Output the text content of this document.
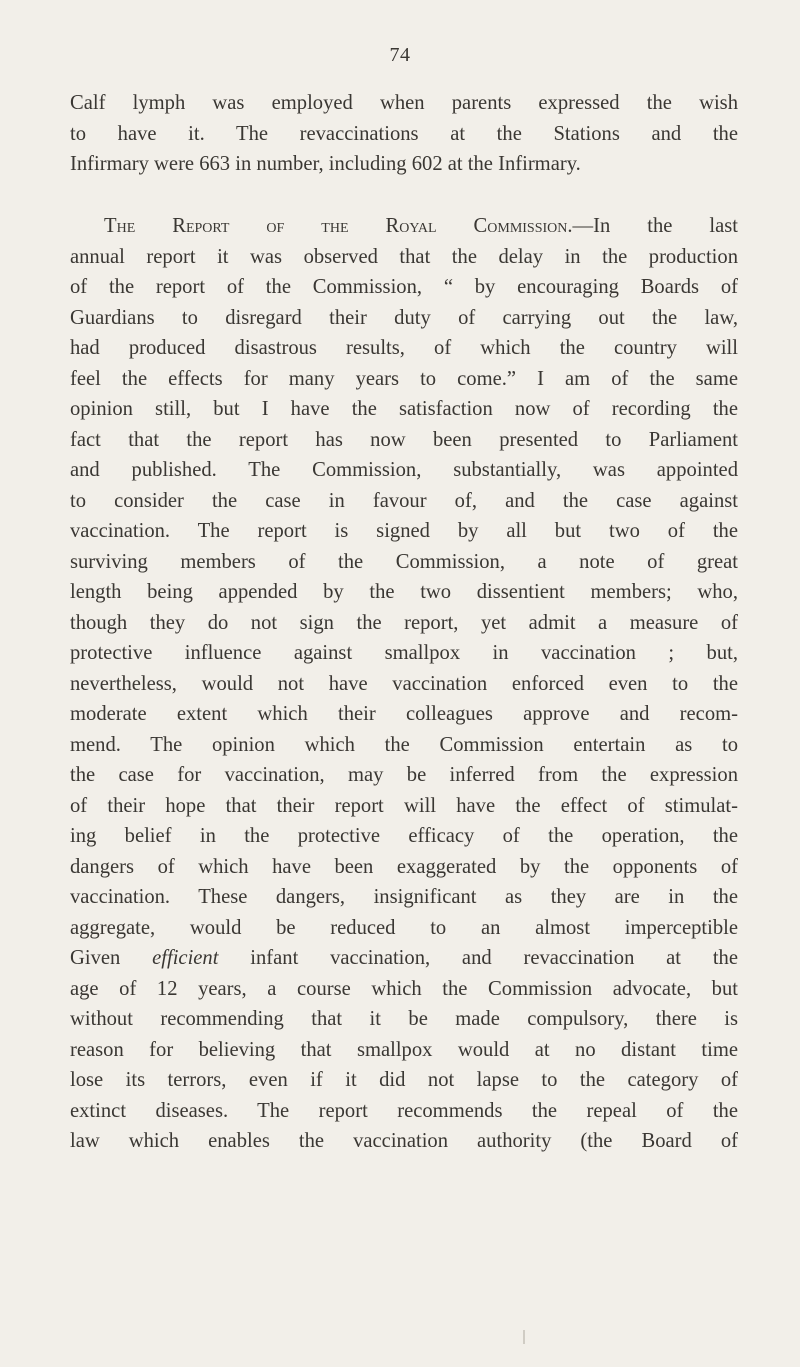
74
Calf lymph was employed when parents expressed the wish
to have it. The revaccinations at the Stations and the
Infirmary were 663 in number, including 602 at the Infirmary.
The Report of the Royal Commission.—In the last
annual report it was observed that the delay in the production
of the report of the Commission, “ by encouraging Boards of
Guardians to disregard their duty of carrying out the law,
had produced disastrous results, of which the country will
feel the effects for many years to come.” I am of the same
opinion still, but I have the satisfaction now of recording the
fact that the report has now been presented to Parliament
and published. The Commission, substantially, was appointed
to consider the case in favour of, and the case against
vaccination. The report is signed by all but two of the
surviving members of the Commission, a note of great
length being appended by the two dissentient members; who,
though they do not sign the report, yet admit a measure of
protective influence against smallpox in vaccination ; but,
nevertheless, would not have vaccination enforced even to the
moderate extent which their colleagues approve and recom-
mend. The opinion which the Commission entertain as to
the case for vaccination, may be inferred from the expression
of their hope that their report will have the effect of stimulat-
ing belief in the protective efficacy of the operation, the
dangers of which have been exaggerated by the opponents of
vaccination. These dangers, insignificant as they are in the
aggregate, would be reduced to an almost imperceptible
Given efficient infant vaccination, and revaccination at the
age of 12 years, a course which the Commission advocate, but
without recommending that it be made compulsory, there is
reason for believing that smallpox would at no distant time
lose its terrors, even if it did not lapse to the category of
extinct diseases. The report recommends the repeal of the
law which enables the vaccination authority (the Board of
